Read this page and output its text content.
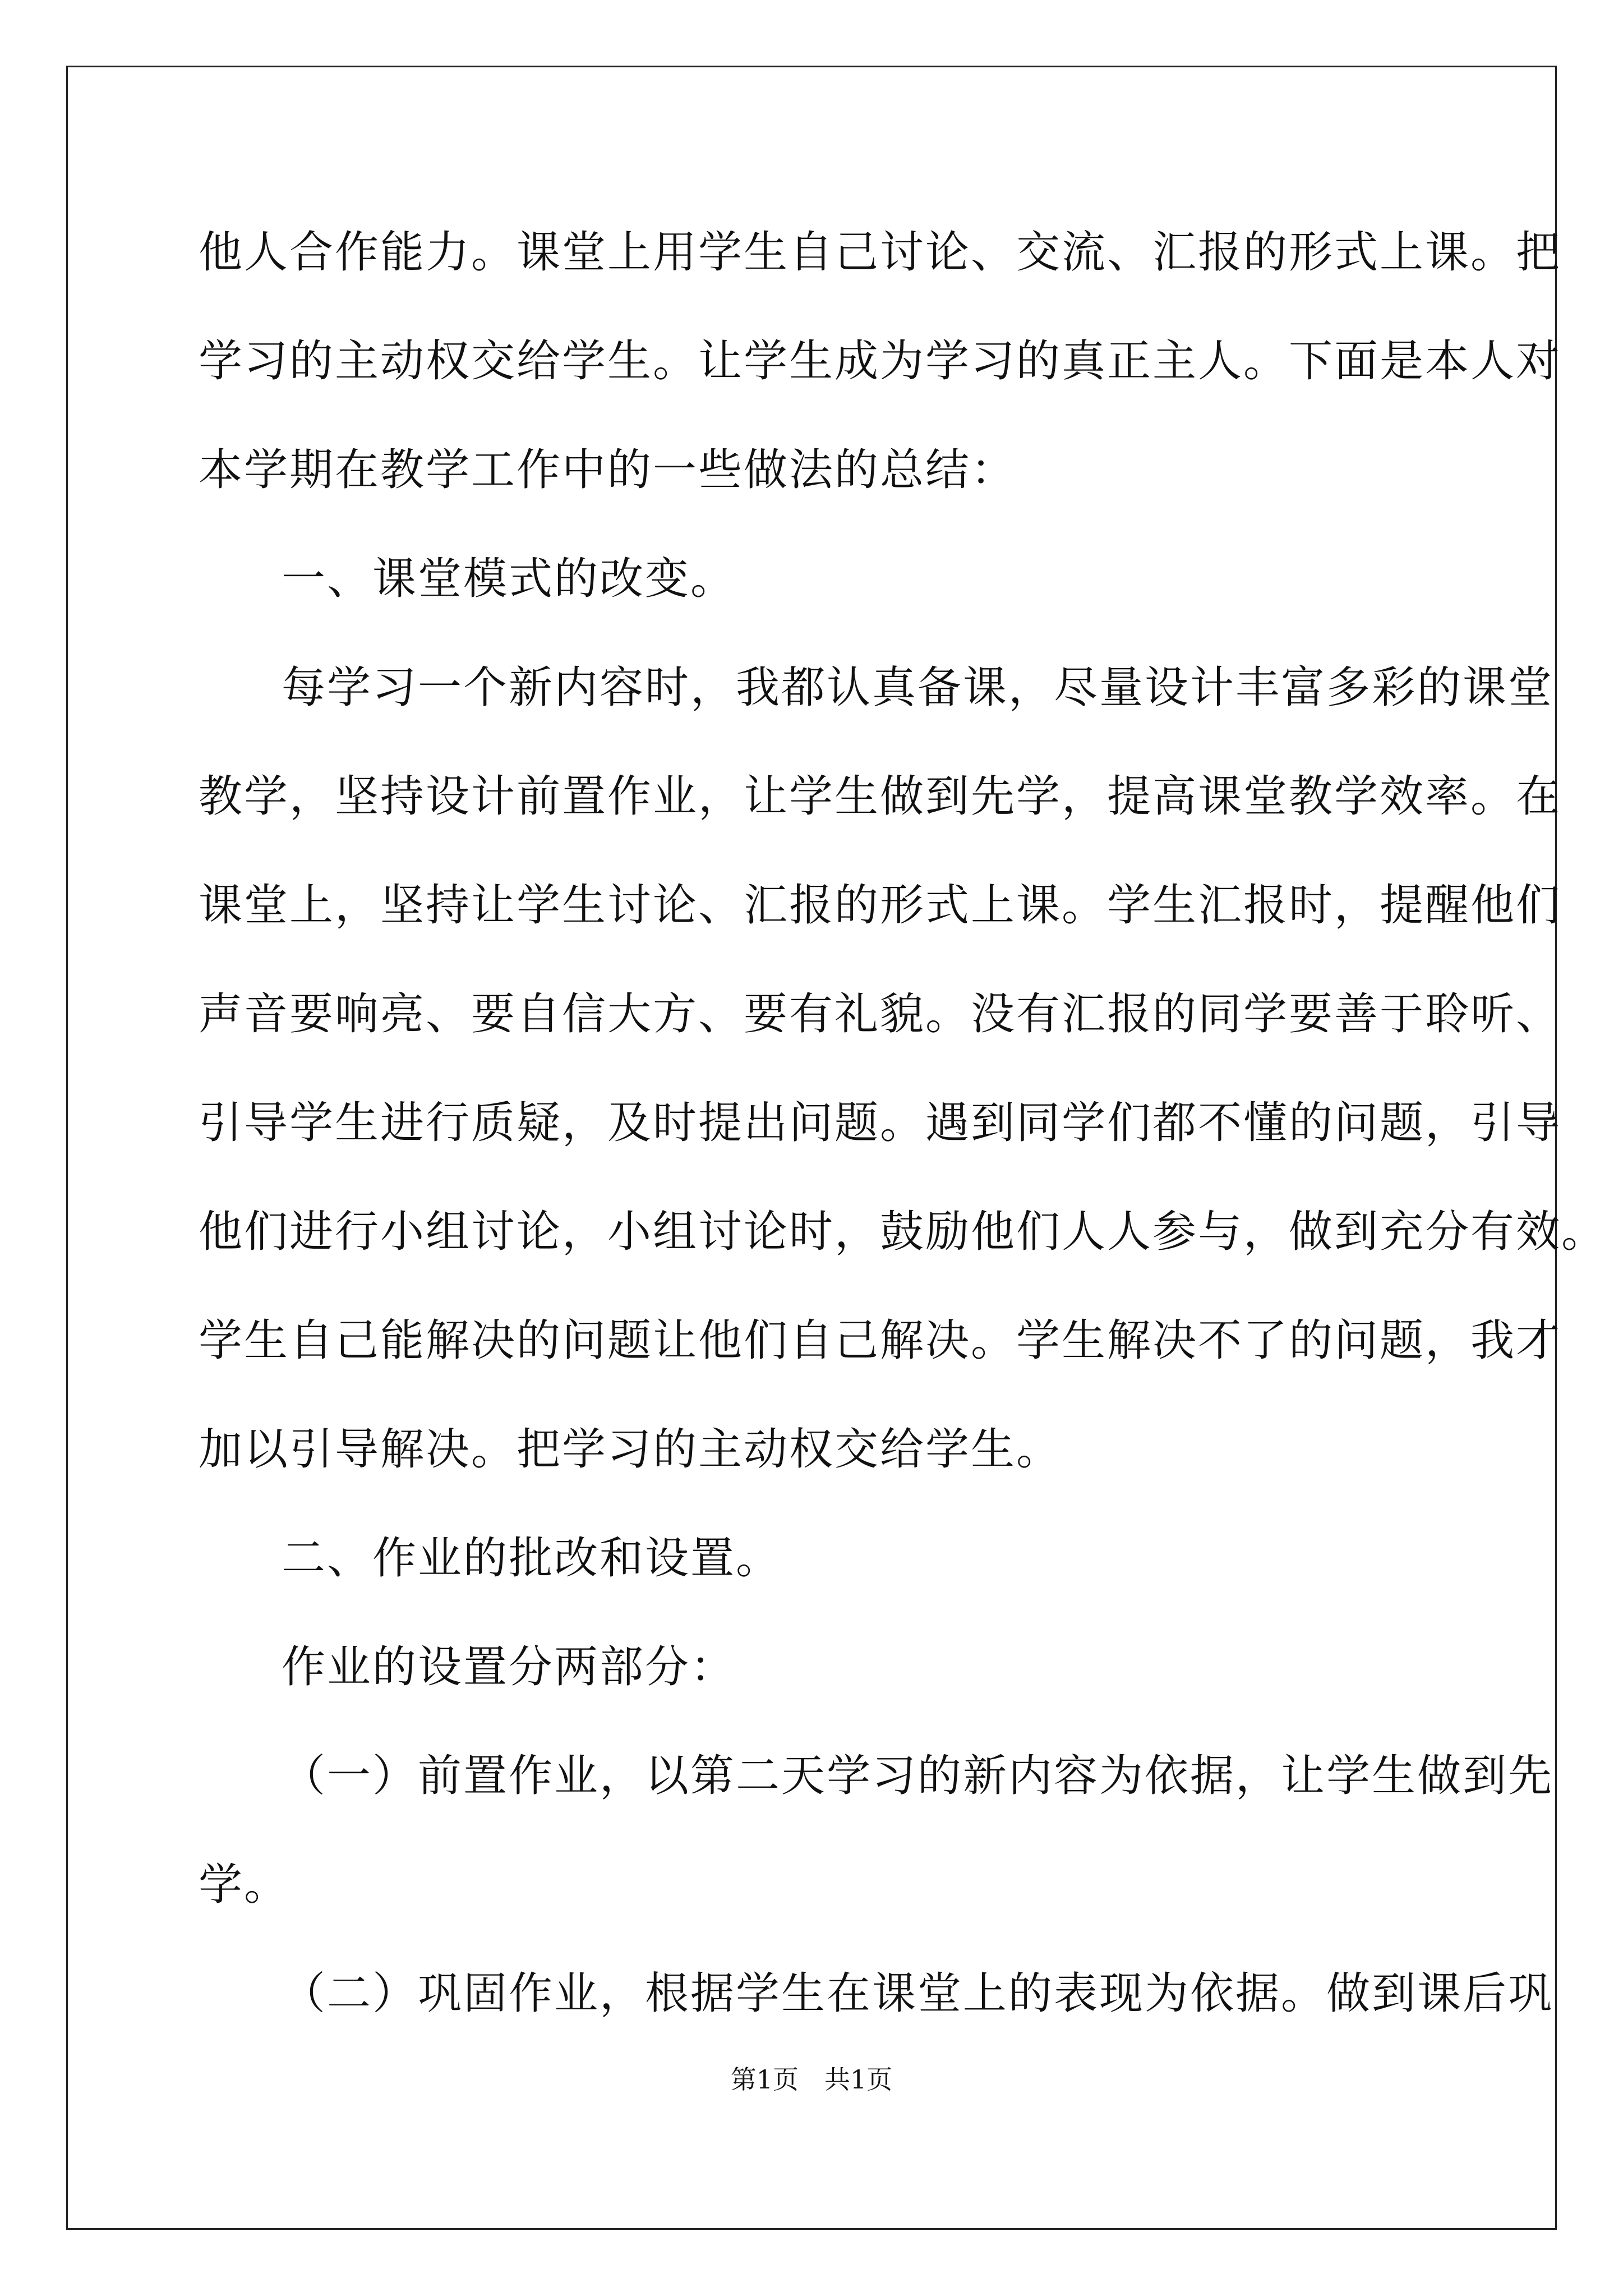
他人合作能力。课堂上用学生自己讨论、交流、汇报的形式上课。把
学习的主动权交给学生。让学生成为学习的真正主人。下面是本人对
本学期在教学工作中的一些做法的总结：
一、课堂模式的改变。
每学习一个新内容时，我都认真备课，尽量设计丰富多彩的课堂
教学，坚持设计前置作业，让学生做到先学，提高课堂教学效率。在
课堂上，坚持让学生讨论、汇报的形式上课。学生汇报时，提醒他们
声音要响亮、要自信大方、要有礼貌。没有汇报的同学要善于聆听、
引导学生进行质疑，及时提出问题。遇到同学们都不懂的问题，引导
他们进行小组讨论，小组讨论时，鼓励他们人人参与，做到充分有效。
学生自己能解决的问题让他们自己解决。学生解决不了的问题，我才
加以引导解决。把学习的主动权交给学生。
二、作业的批改和设置。
作业的设置分两部分：
（一）前置作业，以第二天学习的新内容为依据，让学生做到先
学。
（二）巩固作业，根据学生在课堂上的表现为依据。做到课后巩
第1页　共1页
